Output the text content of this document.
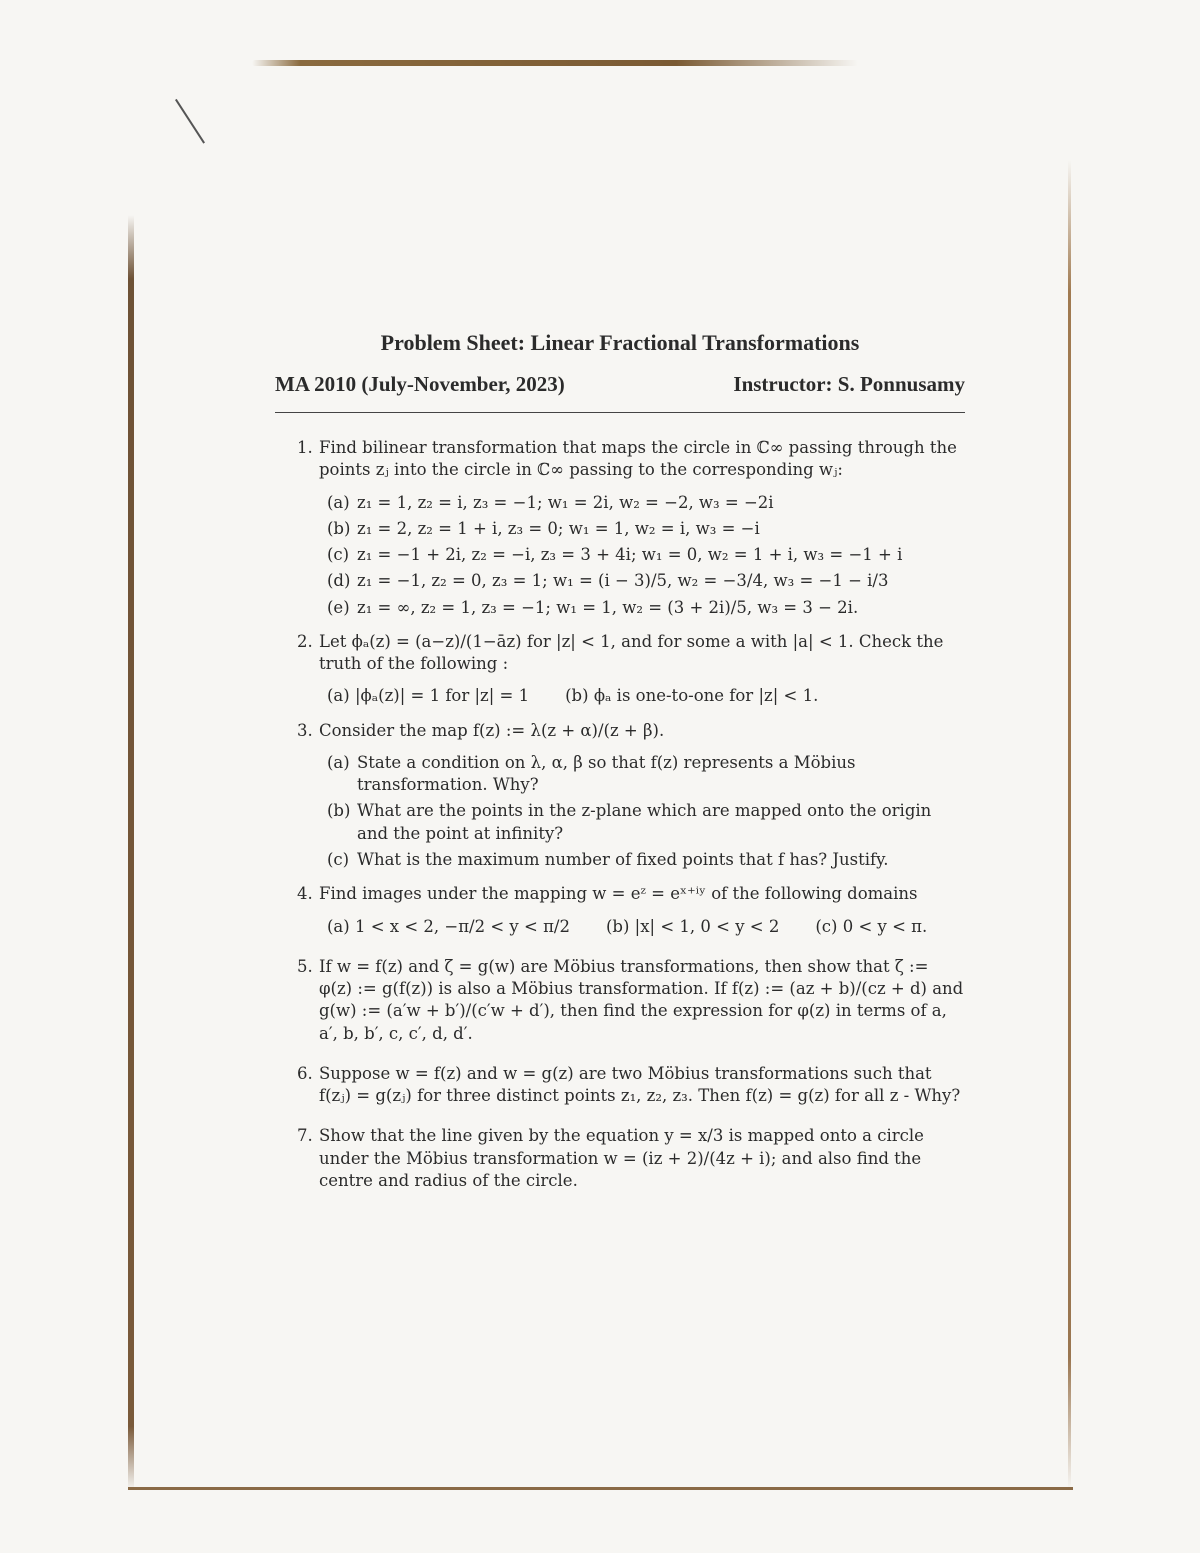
Problem Sheet: Linear Fractional Transformations
MA 2010 (July-November, 2023)	Instructor: S. Ponnusamy
1. Find bilinear transformation that maps the circle in ℂ∞ passing through the points zⱼ into the circle in ℂ∞ passing to the corresponding wⱼ:
(a) z₁ = 1, z₂ = i, z₃ = −1; w₁ = 2i, w₂ = −2, w₃ = −2i
(b) z₁ = 2, z₂ = 1 + i, z₃ = 0; w₁ = 1, w₂ = i, w₃ = −i
(c) z₁ = −1 + 2i, z₂ = −i, z₃ = 3 + 4i; w₁ = 0, w₂ = 1 + i, w₃ = −1 + i
(d) z₁ = −1, z₂ = 0, z₃ = 1; w₁ = (i − 3)/5, w₂ = −3/4, w₃ = −1 − i/3
(e) z₁ = ∞, z₂ = 1, z₃ = −1; w₁ = 1, w₂ = (3 + 2i)/5, w₃ = 3 − 2i.
2. Let ϕₐ(z) = (a−z)/(1−āz) for |z| < 1, and for some a with |a| < 1. Check the truth of the following :
(a) |ϕₐ(z)| = 1 for |z| = 1 (b) ϕₐ is one-to-one for |z| < 1.
3. Consider the map f(z) := λ(z + α)/(z + β).
(a) State a condition on λ, α, β so that f(z) represents a Möbius transformation. Why?
(b) What are the points in the z-plane which are mapped onto the origin and the point at infinity?
(c) What is the maximum number of fixed points that f has? Justify.
4. Find images under the mapping w = eᶻ = eˣ⁺ⁱʸ of the following domains
(a) 1 < x < 2, −π/2 < y < π/2 (b) |x| < 1, 0 < y < 2 (c) 0 < y < π.
5. If w = f(z) and ζ = g(w) are Möbius transformations, then show that ζ := φ(z) := g(f(z)) is also a Möbius transformation. If f(z) := (az + b)/(cz + d) and g(w) := (a′w + b′)/(c′w + d′), then find the expression for φ(z) in terms of a, a′, b, b′, c, c′, d, d′.
6. Suppose w = f(z) and w = g(z) are two Möbius transformations such that f(zⱼ) = g(zⱼ) for three distinct points z₁, z₂, z₃. Then f(z) = g(z) for all z - Why?
7. Show that the line given by the equation y = x/3 is mapped onto a circle under the Möbius transformation w = (iz + 2)/(4z + i); and also find the centre and radius of the circle.
